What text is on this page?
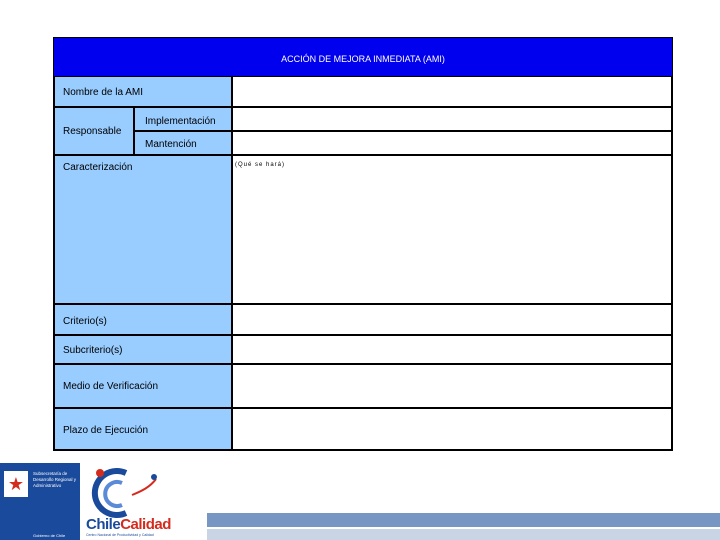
ACCIÓN DE MEJORA INMEDIATA (AMI)
Nombre de la AMI
Responsable
Implementación
Mantención
Caracterización	(Qué se hará)
Criterio(s)
Subcriterio(s)
Medio de Verificación
Plazo de Ejecución
★
Subsecretaría de Desarrollo Regional y Administrativo
Gobierno de Chile
ChileCalidad
Centro Nacional de Productividad y Calidad
